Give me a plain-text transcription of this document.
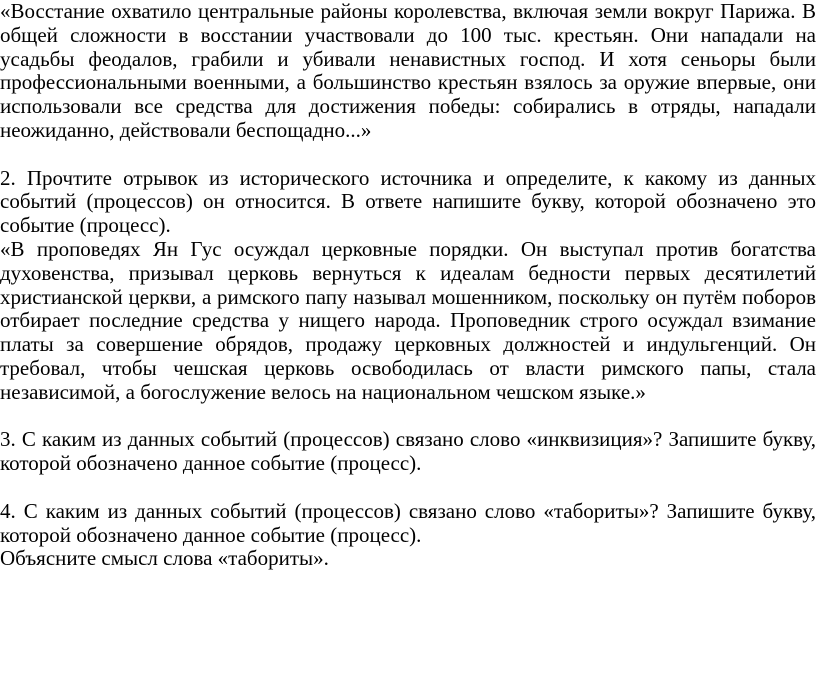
«Восстание охватило центральные районы королевства, включая земли вокруг Парижа. В общей сложности в восстании участвовали до 100 тыс. крестьян. Они нападали на усадьбы феодалов, грабили и убивали ненавистных господ. И хотя сеньоры были профессиональными военными, а большинство крестьян взялось за оружие впервые, они использовали все средства для достижения победы: собирались в отряды, нападали неожиданно, действовали беспощадно...»

2. Прочтите отрывок из исторического источника и определите, к какому из данных событий (процессов) он относится. В ответе напишите букву, которой обозначено это событие (процесс).

«В проповедях Ян Гус осуждал церковные порядки. Он выступал против богатства духовенства, призывал церковь вернуться к идеалам бедности первых десятилетий христианской церкви, а римского папу называл мошенником, поскольку он путём поборов отбирает последние средства у нищего народа. Проповедник строго осуждал взимание платы за совершение обрядов, продажу церковных должностей и индульгенций. Он требовал, чтобы чешская церковь освободилась от власти римского папы, стала независимой, а богослужение велось на национальном чешском языке.»

3. С каким из данных событий (процессов) связано слово «инквизиция»? Запишите букву, которой обозначено данное событие (процесс).

4. С каким из данных событий (процессов) связано слово «табориты»? Запишите букву, которой обозначено данное событие (процесс).

Объясните смысл слова «табориты».
